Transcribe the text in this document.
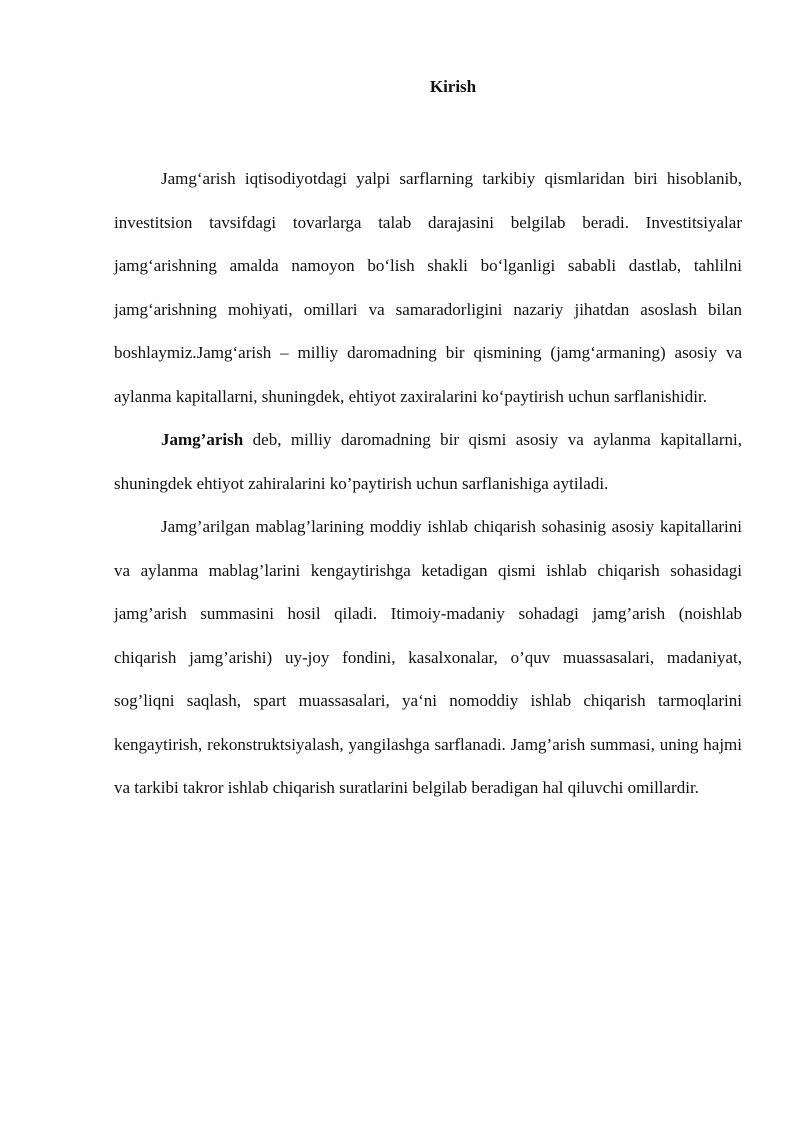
Kirish

Jamg‘arish iqtisodiyotdagi yalpi sarflarning tarkibiy qismlaridan biri hisoblanib, investitsion tavsifdagi tovarlarga talab darajasini belgilab beradi. Investitsiyalar jamg‘arishning amalda namoyon bo‘lish shakli bo‘lganligi sababli dastlab, tahlilni jamg‘arishning mohiyati, omillari va samaradorligini nazariy jihatdan asoslash bilan boshlaymiz.Jamg‘arish – milliy daromadning bir qismining (jamg‘armaning) asosiy va aylanma kapitallarni, shuningdek, ehtiyot zaxiralarini ko‘paytirish uchun sarflanishidir.

Jamg’arish deb, milliy daromadning bir qismi asosiy va aylanma kapitallarni, shuningdek ehtiyot zahiralarini ko’paytirish uchun sarflanishiga aytiladi.

Jamg’arilgan mablag’larining moddiy ishlab chiqarish sohasinig asosiy kapitallarini va aylanma mablag’larini kengaytirishga ketadigan qismi ishlab chiqarish sohasidagi jamg’arish summasini hosil qiladi. Itimoiy-madaniy sohadagi jamg’arish (noishlab chiqarish jamg’arishi) uy-joy fondini, kasalxonalar, o’quv muassasalari, madaniyat, sog’liqni saqlash, spart muassasalari, ya‘ni nomoddiy ishlab chiqarish tarmoqlarini kengaytirish, rekonstruktsiyalash, yangilashga sarflanadi. Jamg’arish summasi, uning hajmi va tarkibi takror ishlab chiqarish suratlarini belgilab beradigan hal qiluvchi omillardir.
